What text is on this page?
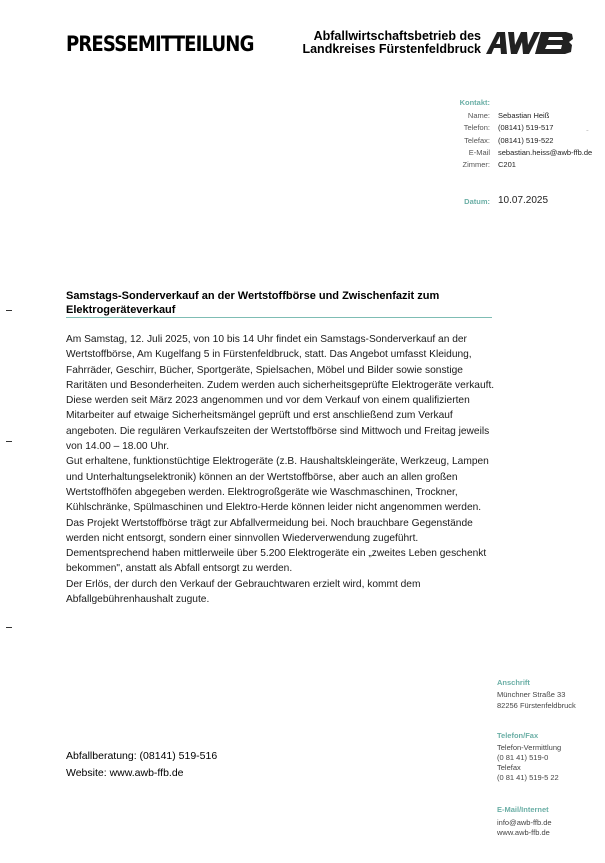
PRESSEMITTEILUNG	Abfallwirtschaftsbetrieb des
Landkreises Fürstenfeldbruck
AWB
Kontakt:
Name: Sebastian Heiß
Telefon: (08141) 519-517
Telefax: (08141) 519-522
E-Mail sebastian.heiss@awb-ffb.de
Zimmer: C201
Datum: 10.07.2025
Samstags-Sonderverkauf an der Wertstoffbörse und Zwischenfazit zum Elektrogeräteverkauf

Am Samstag, 12. Juli 2025, von 10 bis 14 Uhr findet ein Samstags-Sonderverkauf an der Wertstoffbörse, Am Kugelfang 5 in Fürstenfeldbruck, statt. Das Angebot umfasst Kleidung, Fahrräder, Geschirr, Bücher, Sportgeräte, Spielsachen, Möbel und Bilder sowie sonstige Raritäten und Besonderheiten. Zudem werden auch sicherheitsgeprüfte Elektrogeräte verkauft. Diese werden seit März 2023 angenommen und vor dem Verkauf von einem qualifizierten Mitarbeiter auf etwaige Sicherheitsmängel geprüft und erst anschließend zum Verkauf angeboten. Die regulären Verkaufszeiten der Wertstoffbörse sind Mittwoch und Freitag jeweils von 14.00 – 18.00 Uhr.

Gut erhaltene, funktionstüchtige Elektrogeräte (z.B. Haushaltskleingeräte, Werkzeug, Lampen und Unterhaltungselektronik) können an der Wertstoffbörse, aber auch an allen großen Wertstoffhöfen abgegeben werden. Elektrogroßgeräte wie Waschmaschinen, Trockner, Kühlschränke, Spülmaschinen und Elektro-Herde können leider nicht angenommen werden.

Das Projekt Wertstoffbörse trägt zur Abfallvermeidung bei. Noch brauchbare Gegenstände werden nicht entsorgt, sondern einer sinnvollen Wiederverwendung zugeführt.

Dementsprechend haben mittlerweile über 5.200 Elektrogeräte ein „zweites Leben geschenkt bekommen", anstatt als Abfall entsorgt zu werden.

Der Erlös, der durch den Verkauf der Gebrauchtwaren erzielt wird, kommt dem Abfallgebührenhaushalt zugute.

Abfallberatung: (08141) 519-516
Website: www.awb-ffb.de
Anschrift
Münchner Straße 33
82256 Fürstenfeldbruck
Telefon/Fax
Telefon-Vermittlung
(0 81 41) 519-0
Telefax
(0 81 41) 519-5 22
E-Mail/Internet
info@awb-ffb.de
www.awb-ffb.de
